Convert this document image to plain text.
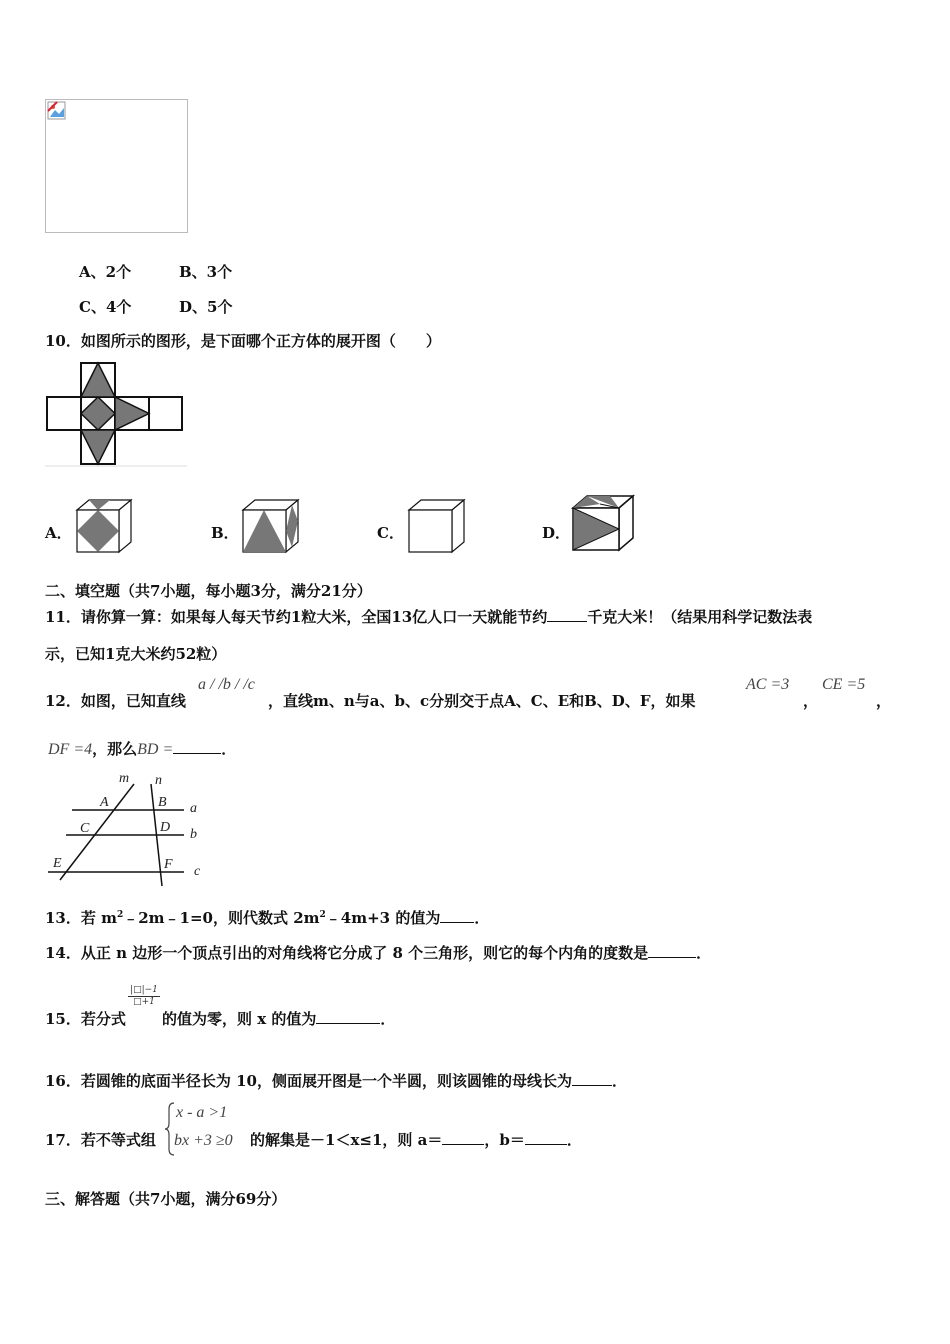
A、2个	B、3个
C、4个	D、5个
10．如图所示的图形，是下面哪个正方体的展开图（　　）
A．	B．	C．	D．
二、填空题（共7小题，每小题3分，满分21分）
11．请你算一算：如果每人每天节约1粒大米，全国13亿人口一天就能节约	千克大米！（结果用科学记数法表
示，已知1克大米约52粒）
12．如图，已知直线
a / /b / /c
，直线m、n与a、b、c分别交于点A、C、E和B、D、F，如果
AC =3
，
CE =5
，
DF =4，那么BD =	．
m n
A	B a
C	D b
E	F c
13．若 $m^2﹣2m﹣1=0$，则代数式 $2m^2﹣4m+3$ 的值为 ．
14．从正 n 边形一个顶点引出的对角线将它分成了 8 个三角形，则它的每个内角的度数是	．
15．若分式
$\frac{|□|-1}{□+1}$
的值为零，则 x 的值为	．
16．若圆锥的底面半径长为 10，侧面展开图是一个半圆，则该圆锥的母线长为	．
17．若不等式组
x - a >1
bx +3 ≥0 的解集是－1＜x≤1，则 a＝	，b＝	．
三、解答题（共7小题，满分69分）
